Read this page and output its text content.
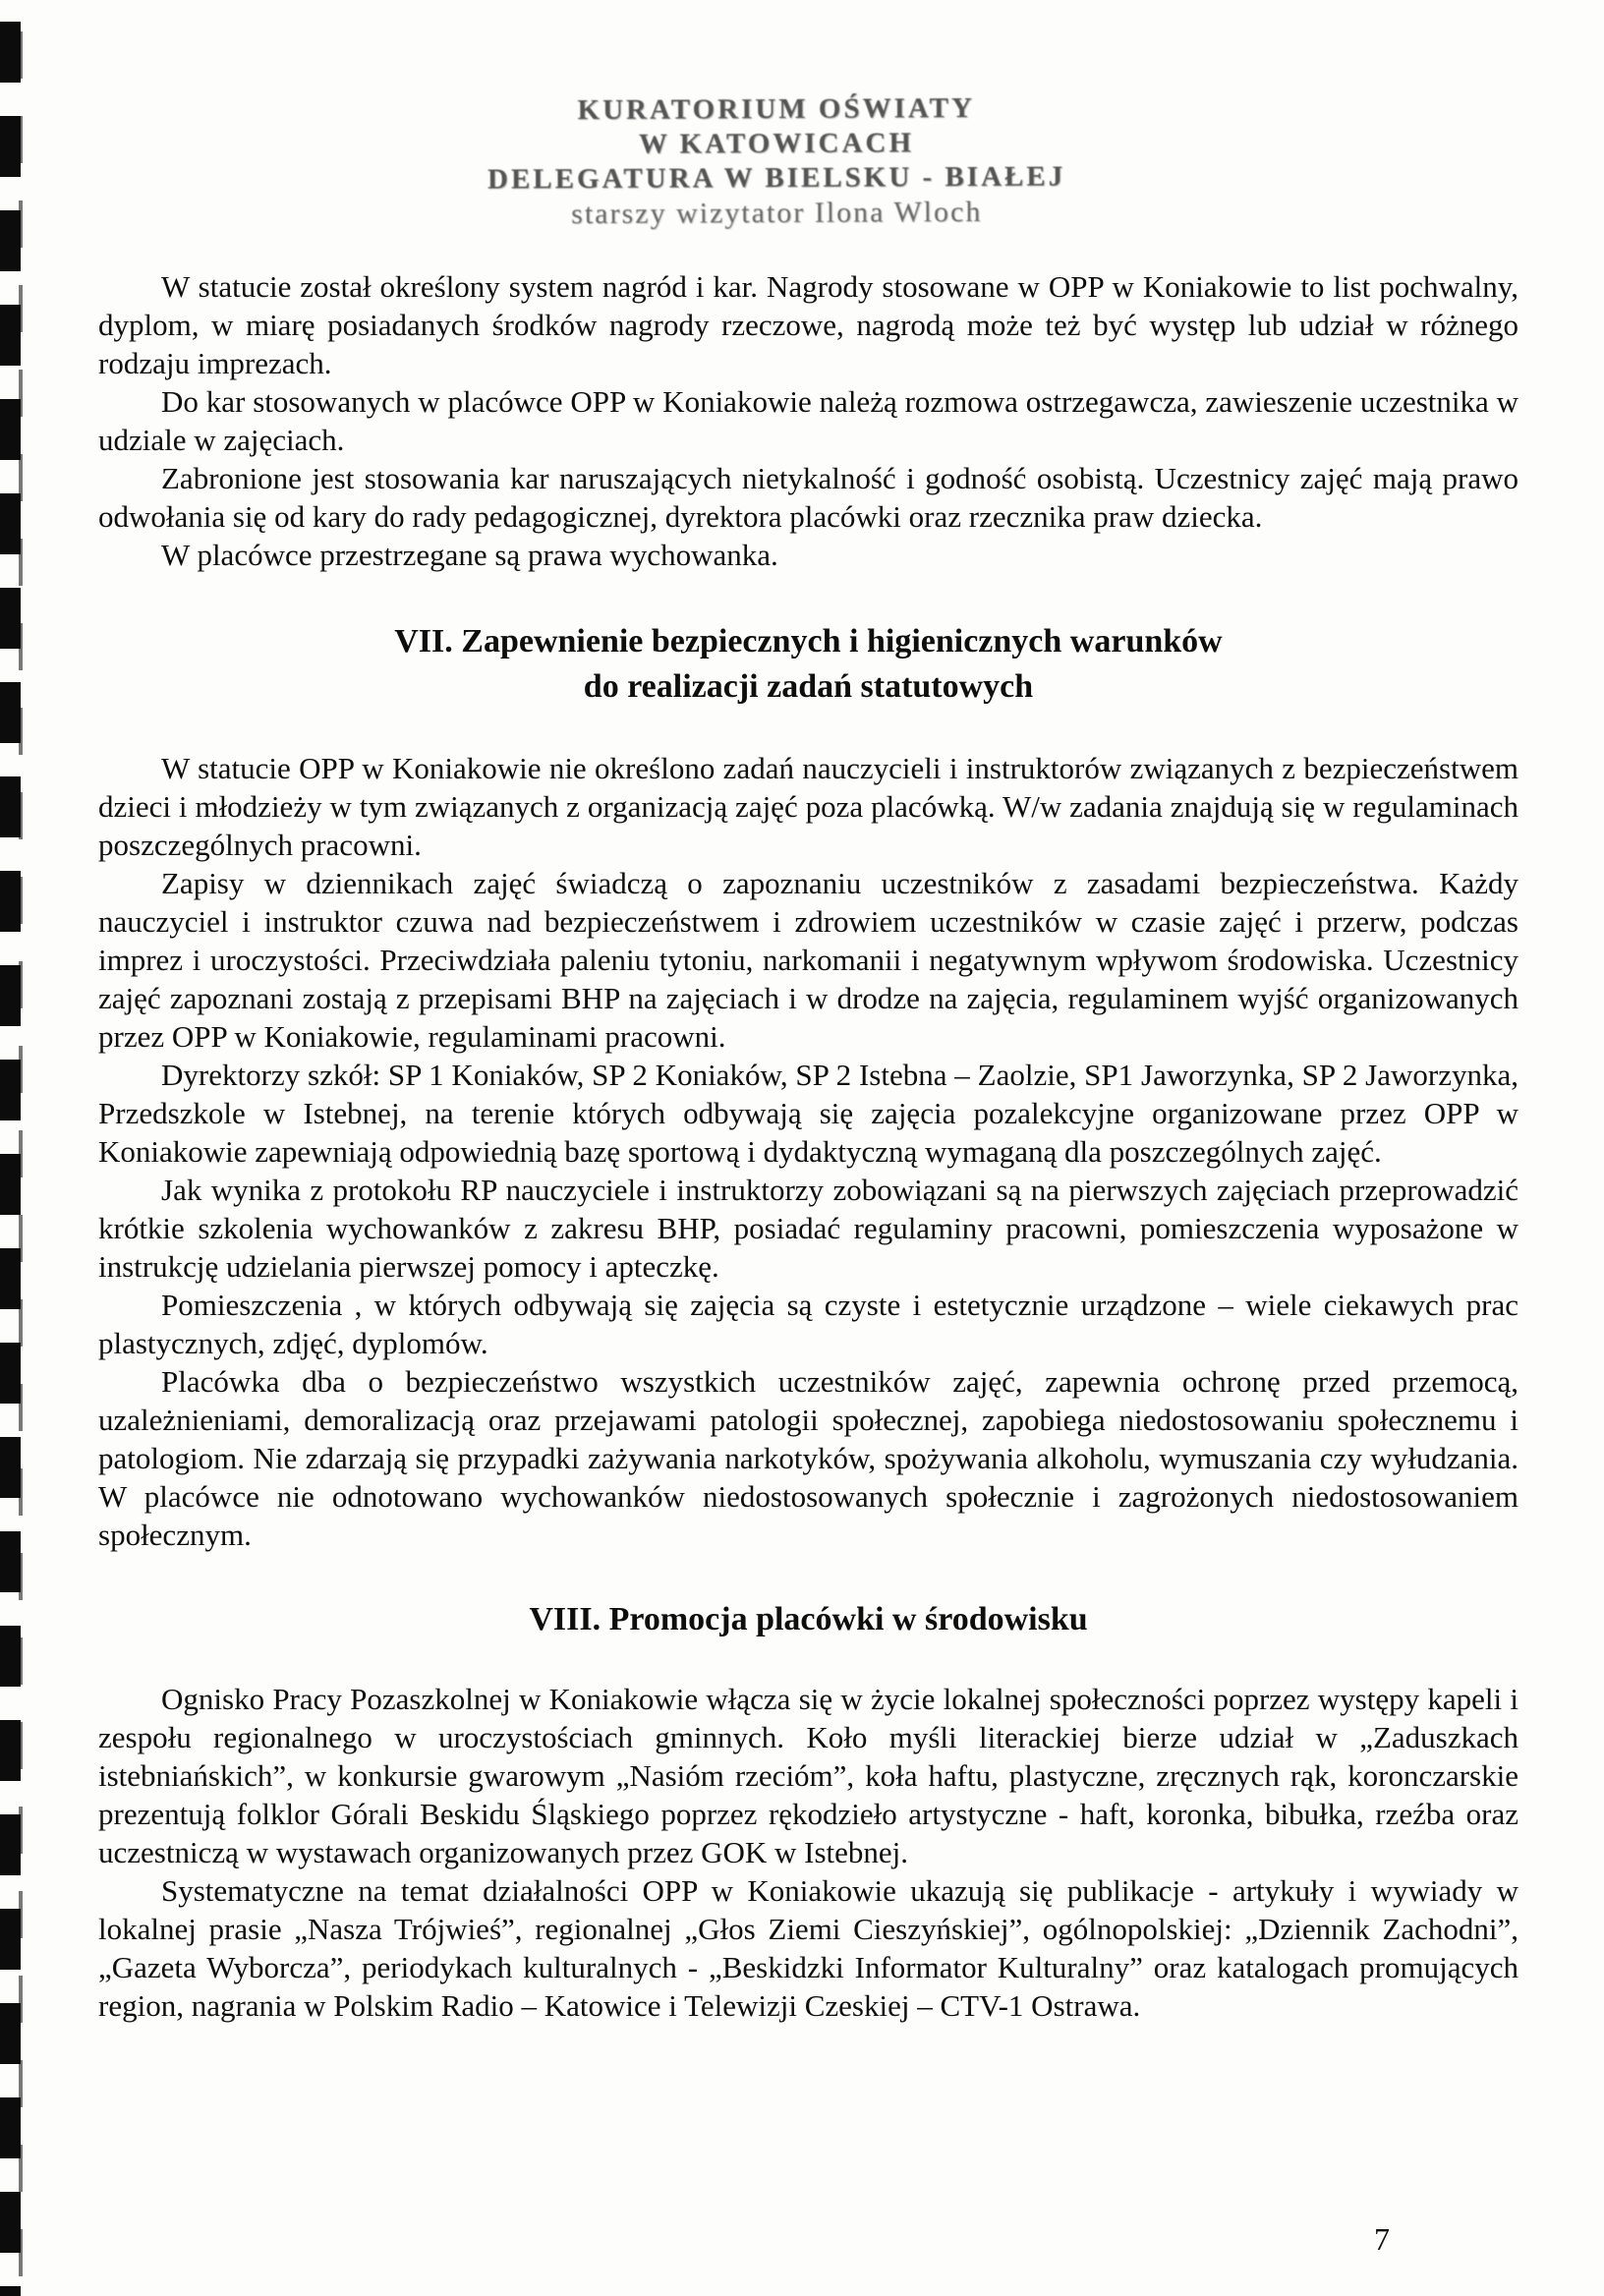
KURATORIUM OŚWIATY
W KATOWICACH
DELEGATURA W BIELSKU - BIAŁEJ
starszy wizytator Ilona Wloch

W statucie został określony system nagród i kar. Nagrody stosowane w OPP w Koniakowie to list pochwalny, dyplom, w miarę posiadanych środków nagrody rzeczowe, nagrodą może też być występ lub udział w różnego rodzaju imprezach.

Do kar stosowanych w placówce OPP w Koniakowie należą rozmowa ostrzegawcza, zawieszenie uczestnika w udziale w zajęciach.

Zabronione jest stosowania kar naruszających nietykalność i godność osobistą. Uczestnicy zajęć mają prawo odwołania się od kary do rady pedagogicznej, dyrektora placówki oraz rzecznika praw dziecka.

W placówce przestrzegane są prawa wychowanka.

VII. Zapewnienie bezpiecznych i higienicznych warunków
do realizacji zadań statutowych

W statucie OPP w Koniakowie nie określono zadań nauczycieli i instruktorów związanych z bezpieczeństwem dzieci i młodzieży w tym związanych z organizacją zajęć poza placówką. W/w zadania znajdują się w regulaminach poszczególnych pracowni.

Zapisy w dziennikach zajęć świadczą o zapoznaniu uczestników z zasadami bezpieczeństwa. Każdy nauczyciel i instruktor czuwa nad bezpieczeństwem i zdrowiem uczestników w czasie zajęć i przerw, podczas imprez i uroczystości. Przeciwdziała paleniu tytoniu, narkomanii i negatywnym wpływom środowiska. Uczestnicy zajęć zapoznani zostają z przepisami BHP na zajęciach i w drodze na zajęcia, regulaminem wyjść organizowanych przez OPP w Koniakowie, regulaminami pracowni.

Dyrektorzy szkół: SP 1 Koniaków, SP 2 Koniaków, SP 2 Istebna – Zaolzie, SP1 Jaworzynka, SP 2 Jaworzynka, Przedszkole w Istebnej, na terenie których odbywają się zajęcia pozalekcyjne organizowane przez OPP w Koniakowie zapewniają odpowiednią bazę sportową i dydaktyczną wymaganą dla poszczególnych zajęć.

Jak wynika z protokołu RP nauczyciele i instruktorzy zobowiązani są na pierwszych zajęciach przeprowadzić krótkie szkolenia wychowanków z zakresu BHP, posiadać regulaminy pracowni, pomieszczenia wyposażone w instrukcję udzielania pierwszej pomocy i apteczkę.

Pomieszczenia , w których odbywają się zajęcia są czyste i estetycznie urządzone – wiele ciekawych prac plastycznych, zdjęć, dyplomów.

Placówka dba o bezpieczeństwo wszystkich uczestników zajęć, zapewnia ochronę przed przemocą, uzależnieniami, demoralizacją oraz przejawami patologii społecznej, zapobiega niedostosowaniu społecznemu i patologiom. Nie zdarzają się przypadki zażywania narkotyków, spożywania alkoholu, wymuszania czy wyłudzania. W placówce nie odnotowano wychowanków niedostosowanych społecznie i zagrożonych niedostosowaniem społecznym.

VIII. Promocja placówki w środowisku

Ognisko Pracy Pozaszkolnej w Koniakowie włącza się w życie lokalnej społeczności poprzez występy kapeli i zespołu regionalnego w uroczystościach gminnych. Koło myśli literackiej bierze udział w „Zaduszkach istebniańskich”, w konkursie gwarowym „Nasióm rzecióm”, koła haftu, plastyczne, zręcznych rąk, koronczarskie prezentują folklor Górali Beskidu Śląskiego poprzez rękodzieło artystyczne - haft, koronka, bibułka, rzeźba oraz uczestniczą w wystawach organizowanych przez GOK w Istebnej.

Systematyczne na temat działalności OPP w Koniakowie ukazują się publikacje - artykuły i wywiady w lokalnej prasie „Nasza Trójwieś”, regionalnej „Głos Ziemi Cieszyńskiej”, ogólnopolskiej: „Dziennik Zachodni”, „Gazeta Wyborcza”, periodykach kulturalnych - „Beskidzki Informator Kulturalny” oraz katalogach promujących region, nagrania w Polskim Radio – Katowice i Telewizji Czeskiej – CTV-1 Ostrawa.

7
